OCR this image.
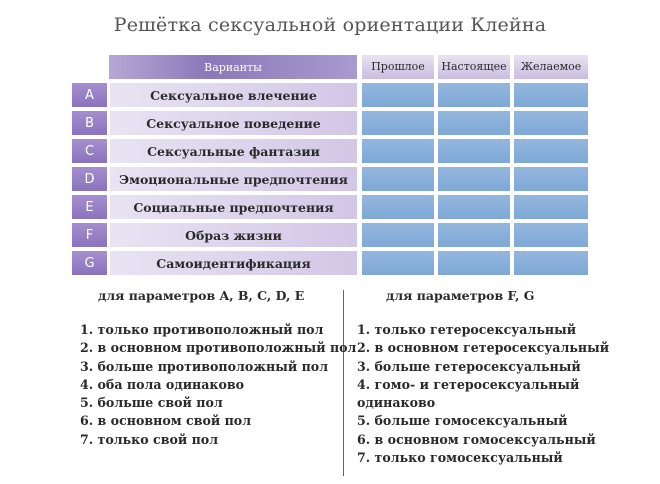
Решётка сексуальной ориентации Клейна
Варианты	Прошлое	Настоящее	Желаемое
A	Сексуальное влечение
B	Сексуальное поведение
C	Сексуальные фантазии
D	Эмоциональные предпочтения
E	Социальные предпочтения
F	Образ жизни
G	Самоидентификация
для параметров A, B, C, D, E	для параметров F, G
1. только противоположный пол
2. в основном противоположный пол
3. больше противоположный пол
4. оба пола одинаково
5. больше свой пол
6. в основном свой пол
7. только свой пол
1. только гетеросексуальный
2. в основном гетеросексуальный
3. больше гетеросексуальный
4. гомо- и гетеросексуальный
одинаково
5. больше гомосексуальный
6. в основном гомосексуальный
7. только гомосексуальный
